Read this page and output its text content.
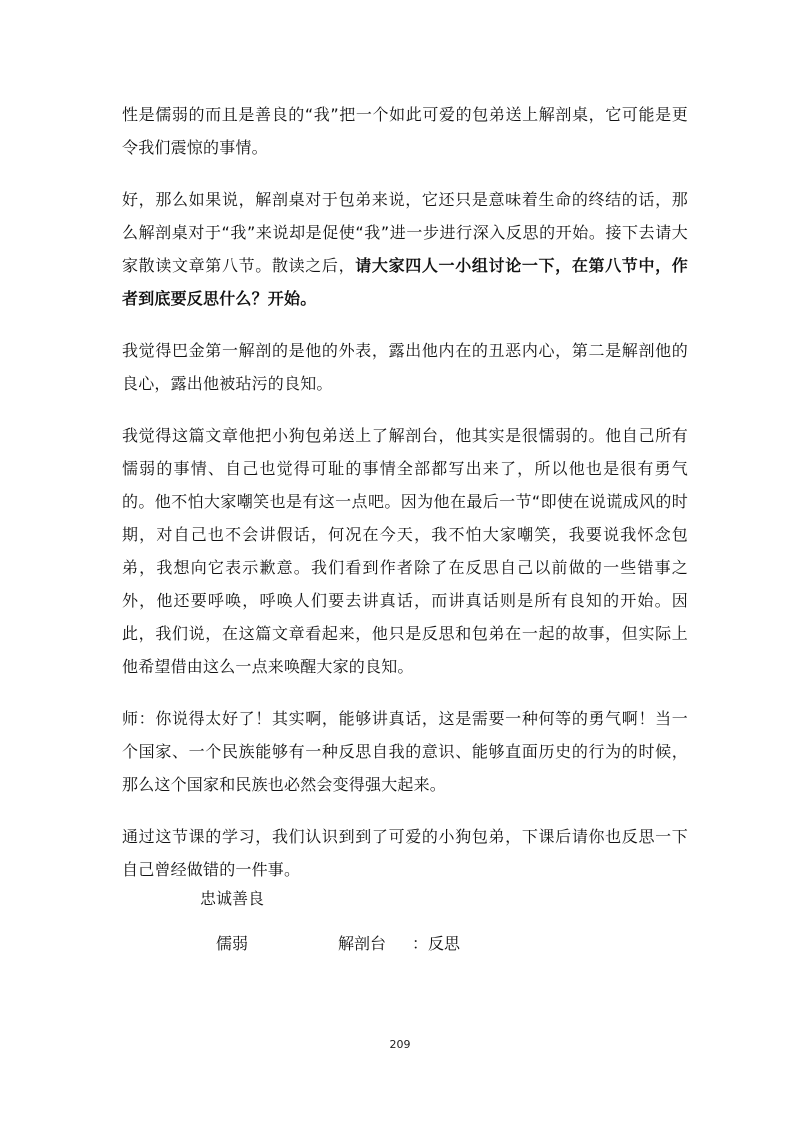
性是儒弱的而且是善良的“我”把一个如此可爱的包弟送上解剖桌，它可能是更令我们震惊的事情。

好，那么如果说，解剖桌对于包弟来说，它还只是意味着生命的终结的话，那么解剖桌对于“我”来说却是促使“我”进一步进行深入反思的开始。接下去请大家散读文章第八节。散读之后，请大家四人一小组讨论一下，在第八节中，作者到底要反思什么？开始。

我觉得巴金第一解剖的是他的外表，露出他内在的丑恶内心，第二是解剖他的良心，露出他被玷污的良知。

我觉得这篇文章他把小狗包弟送上了解剖台，他其实是很懦弱的。他自己所有懦弱的事情、自己也觉得可耻的事情全部都写出来了，所以他也是很有勇气的。他不怕大家嘲笑也是有这一点吧。因为他在最后一节“即使在说谎成风的时期，对自己也不会讲假话，何况在今天，我不怕大家嘲笑，我要说我怀念包弟，我想向它表示歉意。我们看到作者除了在反思自己以前做的一些错事之外，他还要呼唤，呼唤人们要去讲真话，而讲真话则是所有良知的开始。因此，我们说，在这篇文章看起来，他只是反思和包弟在一起的故事，但实际上他希望借由这么一点来唤醒大家的良知。

师：你说得太好了！其实啊，能够讲真话，这是需要一种何等的勇气啊！当一个国家、一个民族能够有一种反思自我的意识、能够直面历史的行为的时候，那么这个国家和民族也必然会变得强大起来。

通过这节课的学习，我们认识到到了可爱的小狗包弟，下课后请你也反思一下自己曾经做错的一件事。

忠诚善良
儒弱	解剖台 ：反思
209
